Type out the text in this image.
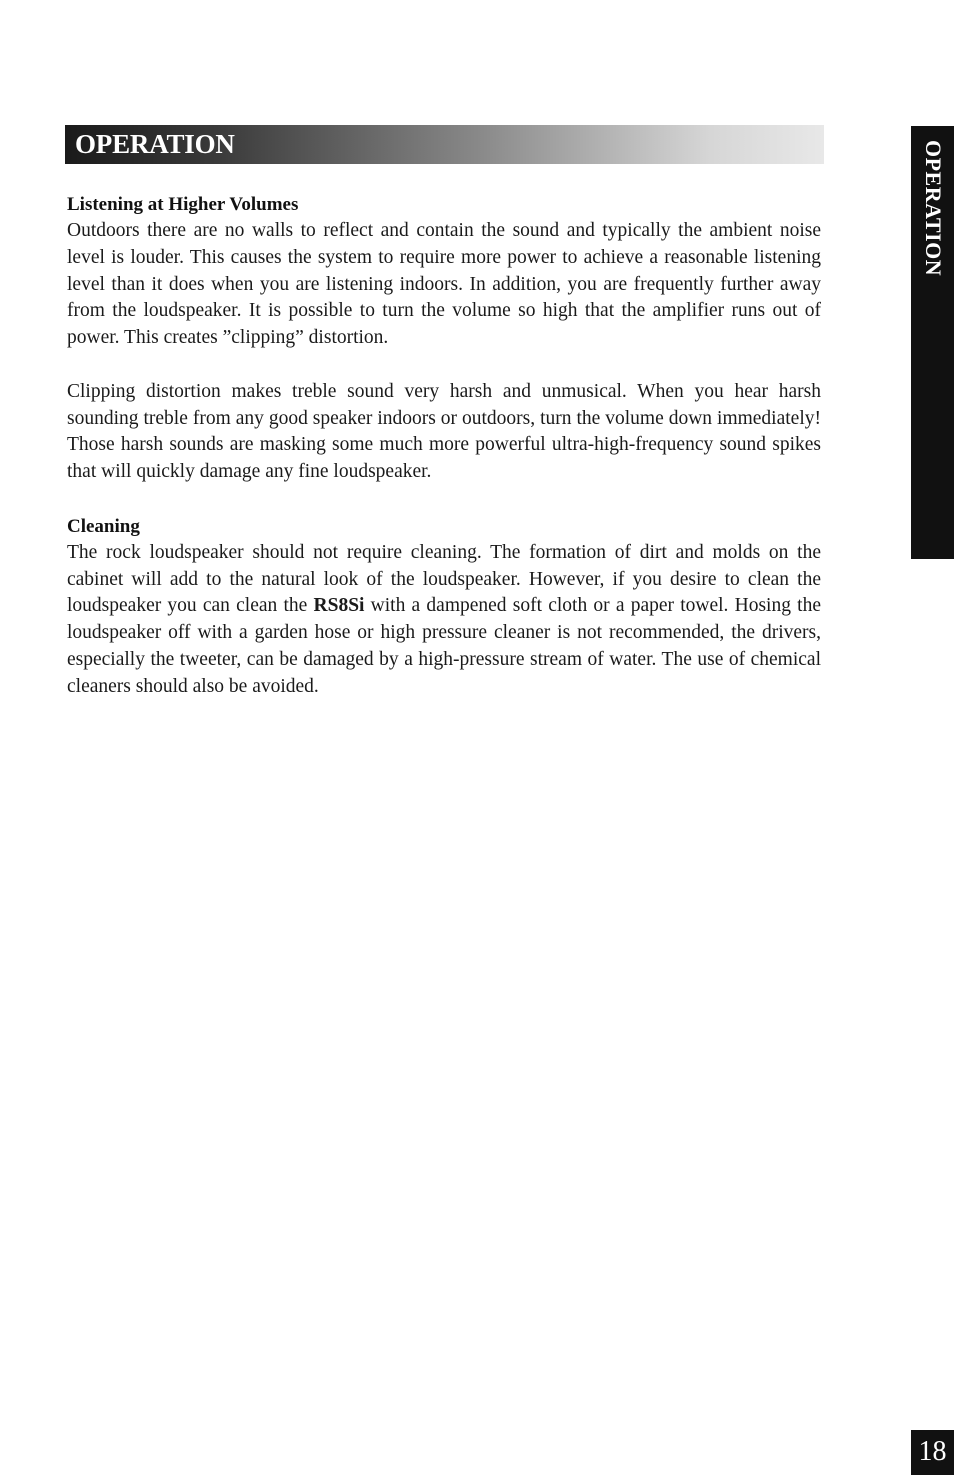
OPERATION	OPERATION
Listening at Higher Volumes

Outdoors there are no walls to reflect and contain the sound and typically the ambient noise level is louder. This causes the system to require more power to achieve a reasonable listening level than it does when you are listening indoors. In addition, you are frequently further away from the loudspeaker. It is possible to turn the volume so high that the amplifier runs out of power. This creates ”clipping” distortion.

Clipping distortion makes treble sound very harsh and unmusical. When you hear harsh sounding treble from any good speaker indoors or outdoors, turn the volume down immediately! Those harsh sounds are masking some much more powerful ultra-high-frequency sound spikes that will quickly damage any fine loudspeaker.

Cleaning

The rock loudspeaker should not require cleaning. The formation of dirt and molds on the cabinet will add to the natural look of the loudspeaker. However, if you desire to clean the loudspeaker you can clean the RS8Si with a dampened soft cloth or a paper towel. Hosing the loudspeaker off with a garden hose or high pressure cleaner is not recommended, the drivers, especially the tweeter, can be damaged by a high-pressure stream of water. The use of chemical cleaners should also be avoided.

18
